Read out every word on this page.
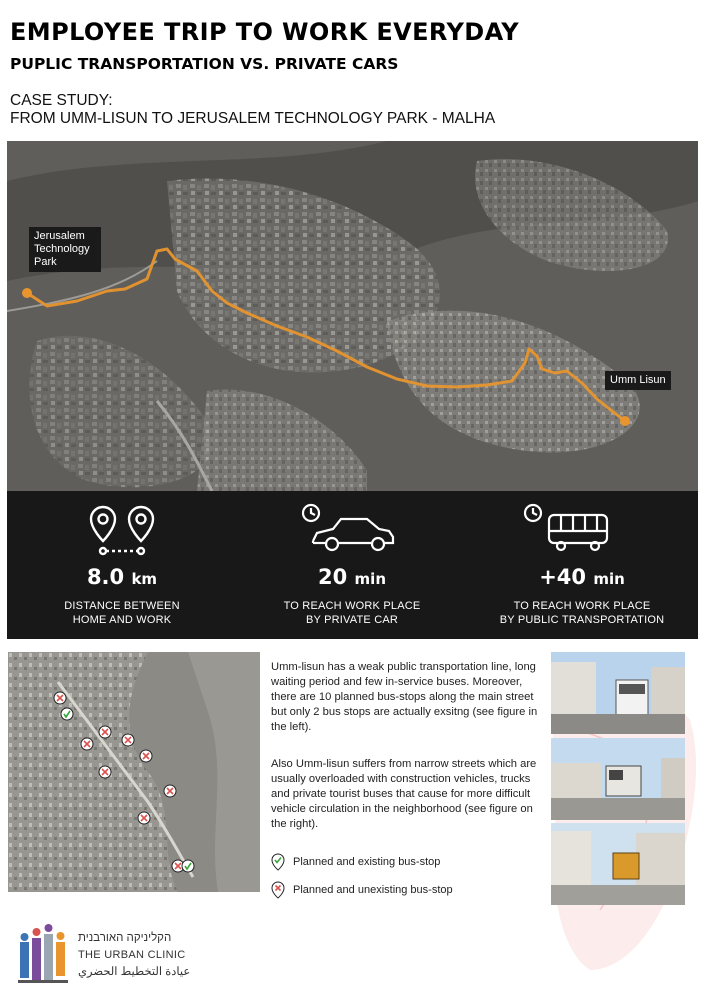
EMPLOYEE TRIP TO WORK EVERYDAY
PUPLIC TRANSPORTATION VS. PRIVATE CARS
CASE STUDY:
FROM UMM-LISUN TO JERUSALEM TECHNOLOGY PARK - MALHA
Jerusalem Technology Park
Umm Lisun
8.0 km
DISTANCE BETWEEN
HOME AND WORK
20 min
TO REACH WORK PLACE
BY PRIVATE CAR
+40 min
TO REACH WORK PLACE
BY PUBLIC TRANSPORTATION
Umm-lisun has a weak public transportation line, long waiting period and few in-service buses. Moreover, there are 10 planned bus-stops along the main street but only 2 bus stops are actually exsitng (see figure in the left).
Also Umm-lisun suffers from narrow streets which are usually overloaded with construction vehicles, trucks and private tourist buses that cause for more difficult vehicle circulation in the neighborhood (see figure on the right).
Planned and existing bus-stop
Planned and unexisting bus-stop
הקליניקה האורבנית
THE URBAN CLINIC
عيادة التخطيط الحضري
